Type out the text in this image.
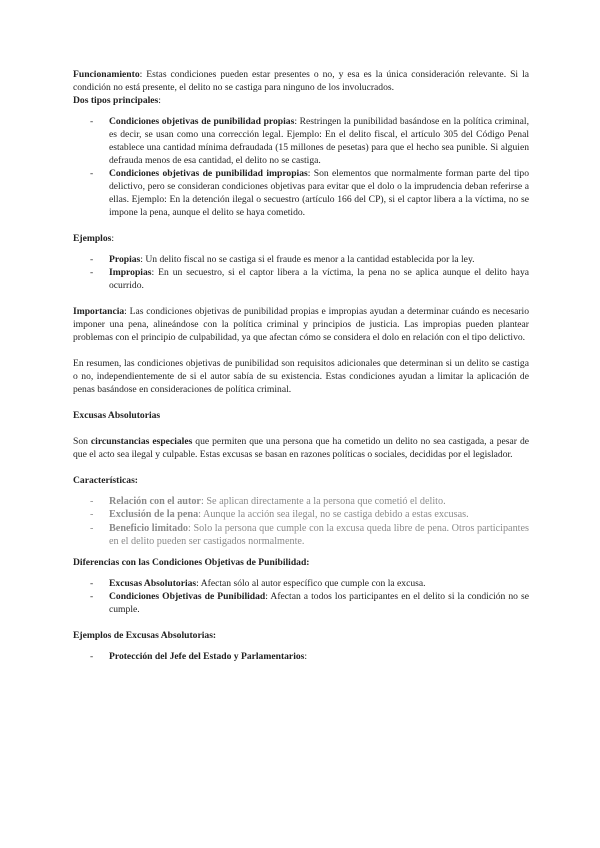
Funcionamiento: Estas condiciones pueden estar presentes o no, y esa es la única consideración relevante. Si la condición no está presente, el delito no se castiga para ninguno de los involucrados.

Dos tipos principales:

- Condiciones objetivas de punibilidad propias: Restringen la punibilidad basándose en la política criminal, es decir, se usan como una corrección legal. Ejemplo: En el delito fiscal, el artículo 305 del Código Penal establece una cantidad mínima defraudada (15 millones de pesetas) para que el hecho sea punible. Si alguien defrauda menos de esa cantidad, el delito no se castiga.
- Condiciones objetivas de punibilidad impropias: Son elementos que normalmente forman parte del tipo delictivo, pero se consideran condiciones objetivas para evitar que el dolo o la imprudencia deban referirse a ellas. Ejemplo: En la detención ilegal o secuestro (artículo 166 del CP), si el captor libera a la víctima, no se impone la pena, aunque el delito se haya cometido.

Ejemplos:

- Propias: Un delito fiscal no se castiga si el fraude es menor a la cantidad establecida por la ley.
- Impropias: En un secuestro, si el captor libera a la víctima, la pena no se aplica aunque el delito haya ocurrido.

Importancia: Las condiciones objetivas de punibilidad propias e impropias ayudan a determinar cuándo es necesario imponer una pena, alineándose con la política criminal y principios de justicia. Las impropias pueden plantear problemas con el principio de culpabilidad, ya que afectan cómo se considera el dolo en relación con el tipo delictivo.

En resumen, las condiciones objetivas de punibilidad son requisitos adicionales que determinan si un delito se castiga o no, independientemente de si el autor sabía de su existencia. Estas condiciones ayudan a limitar la aplicación de penas basándose en consideraciones de política criminal.

Excusas Absolutorias

Son circunstancias especiales que permiten que una persona que ha cometido un delito no sea castigada, a pesar de que el acto sea ilegal y culpable. Estas excusas se basan en razones políticas o sociales, decididas por el legislador.

Características:

- Relación con el autor: Se aplican directamente a la persona que cometió el delito.
- Exclusión de la pena: Aunque la acción sea ilegal, no se castiga debido a estas excusas.
- Beneficio limitado: Solo la persona que cumple con la excusa queda libre de pena. Otros participantes en el delito pueden ser castigados normalmente.

Diferencias con las Condiciones Objetivas de Punibilidad:

- Excusas Absolutorias: Afectan sólo al autor específico que cumple con la excusa.
- Condiciones Objetivas de Punibilidad: Afectan a todos los participantes en el delito si la condición no se cumple.

Ejemplos de Excusas Absolutorias:

- Protección del Jefe del Estado y Parlamentarios:
